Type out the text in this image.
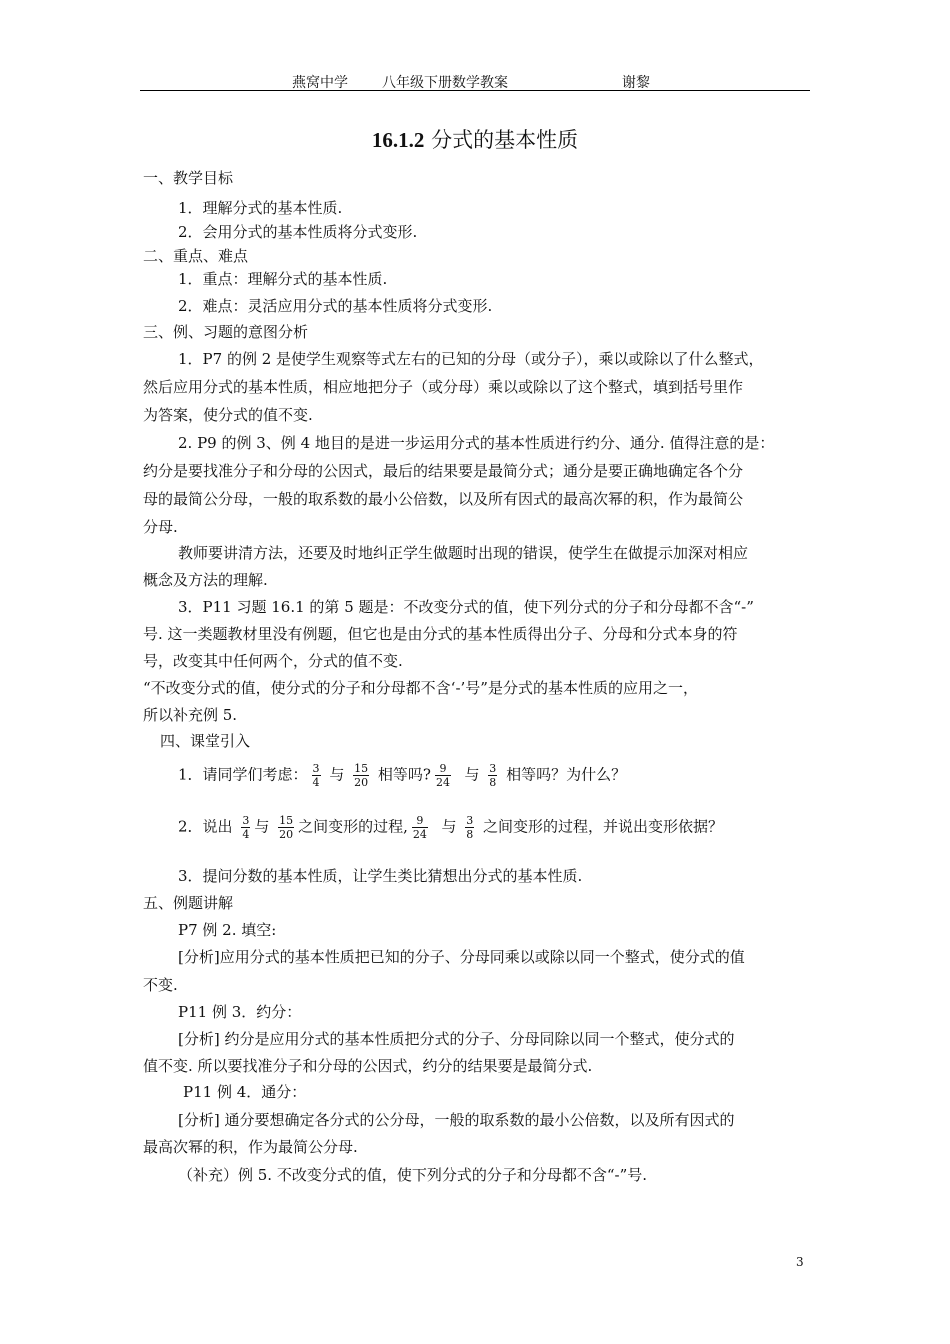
燕窝中学 八年级下册数学教案	谢黎
16.1.2 分式的基本性质
一、教学目标
1．理解分式的基本性质.
2．会用分式的基本性质将分式变形.
二、重点、难点
1．重点：理解分式的基本性质.
2．难点：灵活应用分式的基本性质将分式变形.
三、例、习题的意图分析
1．P7 的例 2 是使学生观察等式左右的已知的分母（或分子），乘以或除以了什么整式，
然后应用分式的基本性质，相应地把分子（或分母）乘以或除以了这个整式，填到括号里作
为答案，使分式的值不变.
2. P9 的例 3、例 4 地目的是进一步运用分式的基本性质进行约分、通分. 值得注意的是：
约分是要找准分子和分母的公因式，最后的结果要是最简分式；通分是要正确地确定各个分
母的最简公分母，一般的取系数的最小公倍数，以及所有因式的最高次幂的积，作为最简公
分母.
教师要讲清方法，还要及时地纠正学生做题时出现的错误，使学生在做提示加深对相应
概念及方法的理解.
3．P11 习题 16.1 的第 5 题是：不改变分式的值，使下列分式的分子和分母都不含“-”
号. 这一类题教材里没有例题，但它也是由分式的基本性质得出分子、分母和分式本身的符
号，改变其中任何两个，分式的值不变.
“不改变分式的值，使分式的分子和分母都不含‘-’号”是分式的基本性质的应用之一，
所以补充例 5.
四、课堂引入
1．请同学们考虑： $\frac{3}{4}$ 与 $\frac{15}{20}$ 相等吗? $\frac{9}{24}$ 与 $\frac{3}{8}$ 相等吗？为什么？
2．说出 $\frac{3}{4}$ 与 $\frac{15}{20}$ 之间变形的过程, $\frac{9}{24}$ 与 $\frac{3}{8}$ 之间变形的过程，并说出变形依据？
3．提问分数的基本性质，让学生类比猜想出分式的基本性质.
五、例题讲解
P7 例 2. 填空:
[分析]应用分式的基本性质把已知的分子、分母同乘以或除以同一个整式，使分式的值
不变.
P11 例 3．约分：
[分析] 约分是应用分式的基本性质把分式的分子、分母同除以同一个整式，使分式的
值不变. 所以要找准分子和分母的公因式，约分的结果要是最简分式.
P11 例 4．通分：
[分析] 通分要想确定各分式的公分母，一般的取系数的最小公倍数，以及所有因式的
最高次幂的积，作为最简公分母.
（补充）例 5. 不改变分式的值，使下列分式的分子和分母都不含“-”号.
3
